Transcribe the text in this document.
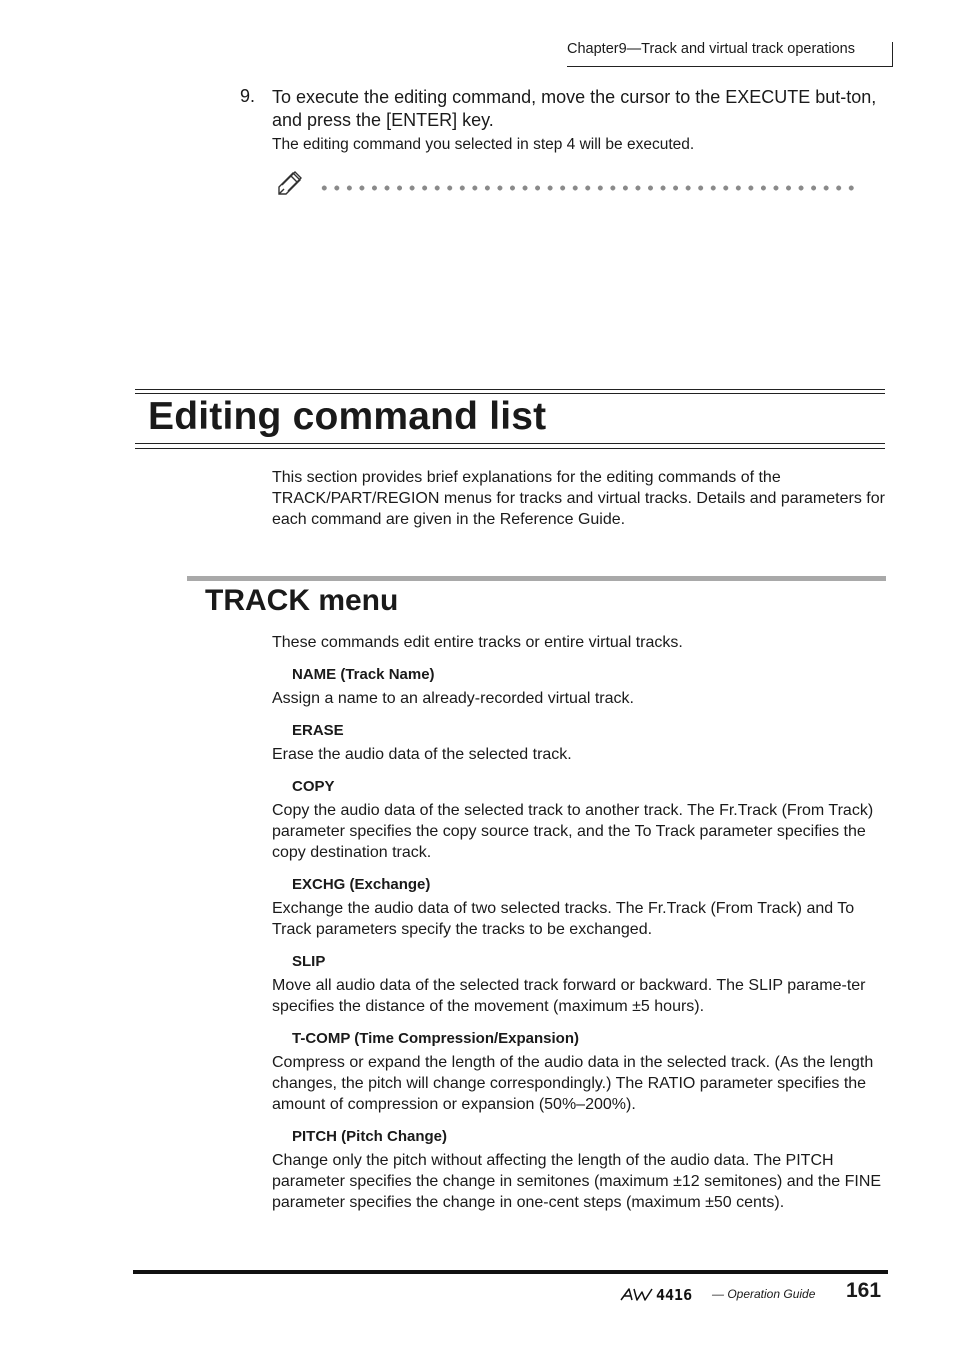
Chapter9—Track and virtual track operations
9. To execute the editing command, move the cursor to the EXECUTE but-ton, and press the [ENTER] key.
The editing command you selected in step 4 will be executed.
Editing command list
This section provides brief explanations for the editing commands of the TRACK/PART/REGION menus for tracks and virtual tracks. Details and parameters for each command are given in the Reference Guide.
TRACK menu
These commands edit entire tracks or entire virtual tracks.
NAME (Track Name)
Assign a name to an already-recorded virtual track.
ERASE
Erase the audio data of the selected track.
COPY
Copy the audio data of the selected track to another track. The Fr.Track (From Track) parameter specifies the copy source track, and the To Track parameter specifies the copy destination track.
EXCHG (Exchange)
Exchange the audio data of two selected tracks. The Fr.Track (From Track) and To Track parameters specify the tracks to be exchanged.
SLIP
Move all audio data of the selected track forward or backward. The SLIP parame-ter specifies the distance of the movement (maximum ±5 hours).
T-COMP (Time Compression/Expansion)
Compress or expand the length of the audio data in the selected track. (As the length changes, the pitch will change correspondingly.) The RATIO parameter specifies the amount of compression or expansion (50%–200%).
PITCH (Pitch Change)
Change only the pitch without affecting the length of the audio data. The PITCH parameter specifies the change in semitones (maximum ±12 semitones) and the FINE parameter specifies the change in one-cent steps (maximum ±50 cents).
4416 — Operation Guide 161
